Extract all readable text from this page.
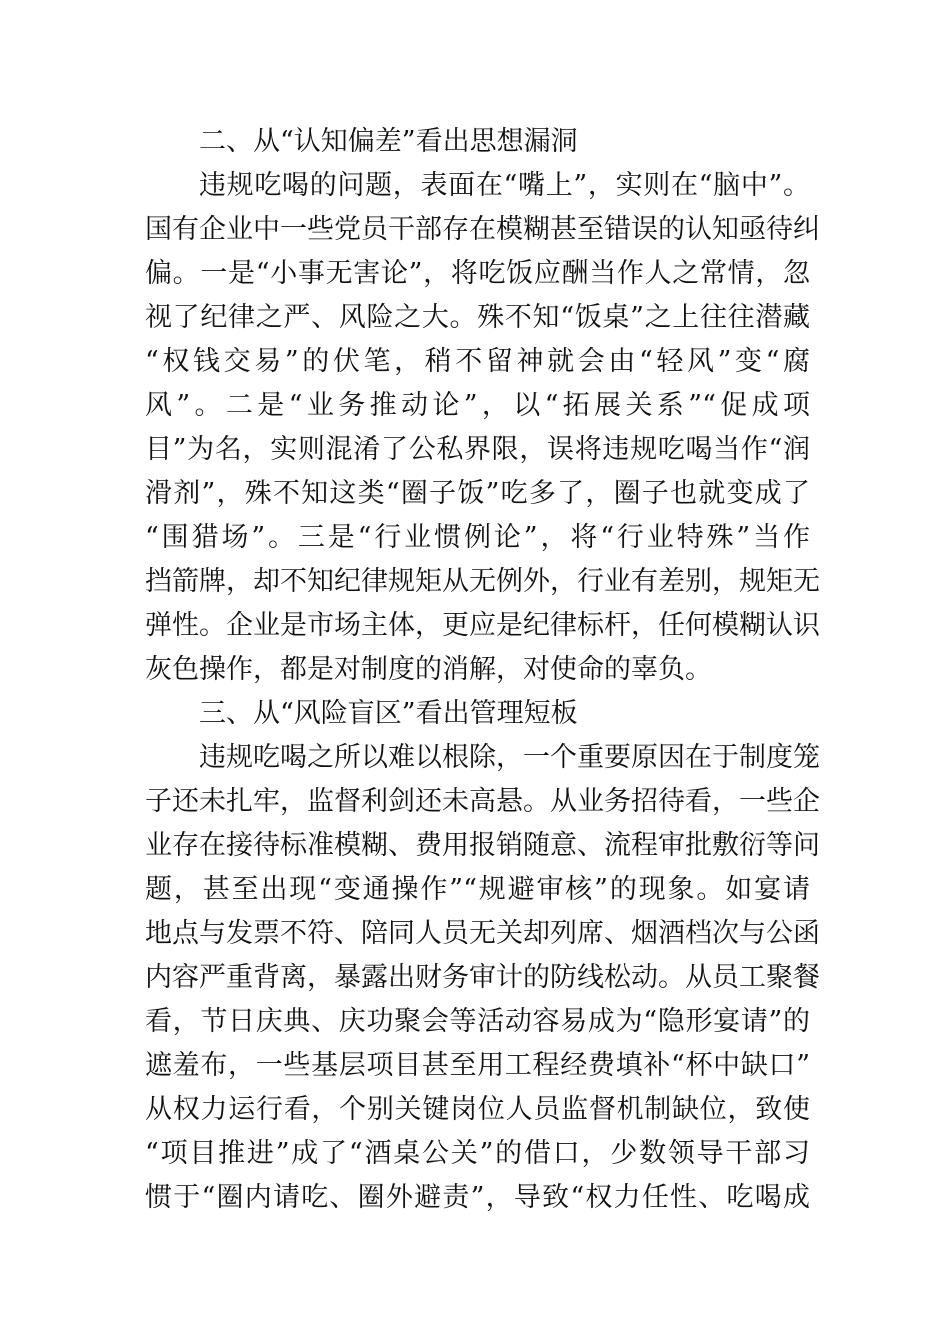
二、从“认知偏差”看出思想漏洞
违规吃喝的问题，表面在“嘴上”，实则在“脑中”。
国有企业中一些党员干部存在模糊甚至错误的认知亟待纠
偏。一是“小事无害论”，将吃饭应酬当作人之常情，忽
视了纪律之严、风险之大。殊不知“饭桌”之上往往潜藏
“权钱交易”的伏笔，稍不留神就会由“轻风”变“腐
风”。二是“业务推动论”，以“拓展关系”“促成项
目”为名，实则混淆了公私界限，误将违规吃喝当作“润
滑剂”，殊不知这类“圈子饭”吃多了，圈子也就变成了
“围猎场”。三是“行业惯例论”，将“行业特殊”当作
挡箭牌，却不知纪律规矩从无例外，行业有差别，规矩无
弹性。企业是市场主体，更应是纪律标杆，任何模糊认识
灰色操作，都是对制度的消解，对使命的辜负。
三、从“风险盲区”看出管理短板
违规吃喝之所以难以根除，一个重要原因在于制度笼
子还未扎牢，监督利剑还未高悬。从业务招待看，一些企
业存在接待标准模糊、费用报销随意、流程审批敷衍等问
题，甚至出现“变通操作”“规避审核”的现象。如宴请
地点与发票不符、陪同人员无关却列席、烟酒档次与公函
内容严重背离，暴露出财务审计的防线松动。从员工聚餐
看，节日庆典、庆功聚会等活动容易成为“隐形宴请”的
遮羞布，一些基层项目甚至用工程经费填补“杯中缺口”
从权力运行看，个别关键岗位人员监督机制缺位，致使
“项目推进”成了“酒桌公关”的借口，少数领导干部习
惯于“圈内请吃、圈外避责”，导致“权力任性、吃喝成
